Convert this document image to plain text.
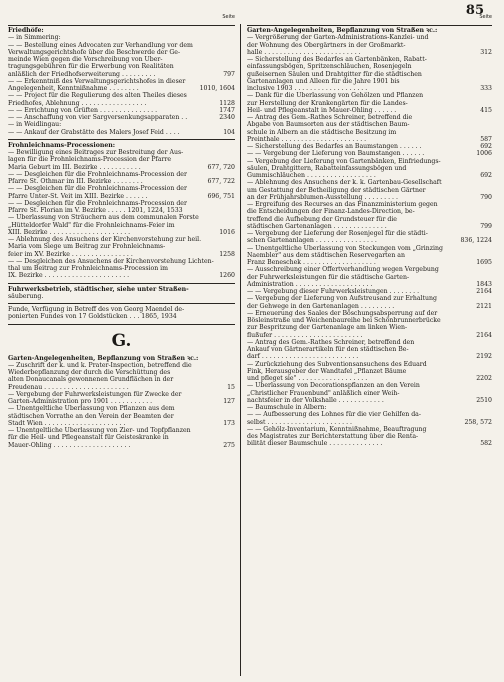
85
Seite
Friedhöfe:
— in Simmering:
— — Bestellung eines Advocaten zur Verhandlung vor dem
Verwaltungsgerichtshofe über die Beschwerde der Ge-
meinde Wien gegen die Vorschreibung von Über-
tragungsgebühren für die Erwerbung von Realitäten
anläßlich der Friedhofserweiterung . . . . . . . . .	797
— — Erkenntniß des Verwaltungsgerichtshofes in dieser
Angelegenheit, Kenntnißnahme . . . . . . . .	1010, 1604
— — Project für die Regulierung des alten Theiles dieses
Friedhofes, Ablehnung . . . . . . . . . . . . . . . . .	1128
— — Errichtung von Grüften . . . . . . . . . . . . . . .	1747
— — Anschaffung von vier Sargversenkungsapparaten . .	2340
— in Weidlingau:
— — Ankauf der Grabstätte des Malers Josef Feid . . . .	104
Frohnleichnams-Processionen:
— Bewilligung eines Beitrages zur Bestreitung der Aus-
lagen für die Frohnleichnams-Procession der Pfarre
Maria Geburt im III. Bezirke . . . . . . . . . . .	677, 720
— — Desgleichen für die Frohnleichnams-Procession der
Pfarre St. Othmar im III. Bezirke . . . . . . . .	677, 722
— — Desgleichen für die Frohnleichnams-Procession der
Pfarre Unter-St. Veit im XIII. Bezirke . . . . . .	696, 751
— — Desgleichen für die Frohnleichnams-Procession der
Pfarre St. Florian im V. Bezirke . . . . . 1201, 1224, 1533
— Überlassung von Sträuchern aus dem communalen Forste
„Hütteldorfer Wald" für die Frohnleichnams-Feier im
XIII. Bezirke . . . . . . . . . . . . . . . . . . . . .	1016
— Ablehnung des Ansuchens der Kirchenvorstehung zur heil.
Maria vom Siege um Beitrag zur Frohnleichnams-
feier im XV. Bezirke . . . . . . . . . . . . . . . .	1258
— — Desgleichen des Ansuchens der Kirchenvorstehung Lichten-
thal um Beitrag zur Frohnleichnams-Procession im
IX. Bezirke . . . . . . . . . . . . . . . . . . . . . .	1260
Fuhrwerksbetrieb, städtischer, siehe unter Straßen-
säuberung.
Funde, Verfügung in Betreff des von Georg Maendel de-
ponierten Fundes von 17 Goldstücken . . . 1865, 1934
G.
Garten-Angelegenheiten, Bepflanzung von Straßen ꝛc.:
— Zuschrift der k. und k. Prater-Inspection, betreffend die
Wiederbepflanzung der durch die Verschüttung des
alten Donaucanals gewonnenen Grundflächen in der
Freudenau . . . . . . . . . . . . . . . . . . . . . .	15
— Vergebung der Fuhrwerksleistungen für Zwecke der
Garten-Administration pro 1901 . . . . . . . . . . .	127
— Unentgeltliche Überlassung von Pflanzen aus dem
städtischen Vorrathe an den Verein der Beamten der
Stadt Wien . . . . . . . . . . . . . . . . . . . . .	173
— Unentgeltliche Überlassung von Zier- und Topfpflanzen
für die Heil- und Pflegeanstalt für Geisteskranke in
Mauer-Öhling . . . . . . . . . . . . . . . . . . . .	275
Seite
Garten-Angelegenheiten, Bepflanzung von Straßen ꝛc.:
— Vergrößerung der Garten-Administrations-Kanzlei- und
der Wohnung des Obergärtners in der Großmarkt-
halle . . . . . . . . . . . . . . . . . . . . . . . . .	312
— Sicherstellung des Bedarfes an Gartenbänken, Rabatt-
einfassungsbögen, Spritzenschläuchen, Rosenjegeln
gußeisernen Säulen und Drahtgitter für die städtischen
Gartenanlagen und Alleen für die Jahre 1901 bis
inclusive 1903 . . . . . . . . . . . . . . . . . . .	333
— Dank für die Überlassung von Gehölzen und Pflanzen
zur Herstellung der Krankengärten für die Landes-
Heil- und Pflegeanstalt in Mauer-Öhling . . . . . .	415
— Antrag des Gem.-Rathes Schreiner, betreffend die
Abgabe von Baumsorten aus der städtischen Baum-
schule in Albern an die städtische Besitzung im
Preinthale . . . . . . . . . . . . . . . . . . . . . .	587
— Sicherstellung des Bedarfes an Baumstangen . . . . . .	692
— — Vergebung der Lieferung von Baumstangen . . . . . .	1006
— Vergebung der Lieferung von Gartenbänken, Einfriedungs-
säulen, Drahtgittern, Rabatteinfassungsbögen und
Gummischläuchen . . . . . . . . . . . . . . . . . .	692
— Ablehnung des Ansuchens der k. k. Gartenbau-Gesellschaft
um Gestattung der Betheiligung der städtischen Gärtner
an der Frühjahrsblumen-Ausstellung . . . . . . . . .	790
— Ergreifung des Recurses an das Finanzministerium gegen
die Entscheidungen der Finanz-Landes-Direction, be-
treffend die Aufhebung der Grundsteuer für die
städtischen Gartenanlagen . . . . . . . . . . . . . .	799
— Vergebung der Lieferung der Rosenjegel für die städti-
schen Gartenanlagen . . . . . . . . . . . . . . . .	836, 1224
— Unentgeltliche Überlassung von Steckungen vom „Grinzing
Naembler" aus dem städtischen Reservegarten an
Franz Beneschek . . . . . . . . . . . . . . . . . . .	1695
— Ausschreibung einer Offertverhandlung wegen Vergebung
der Fuhrwerksleistungen für die städtische Garten-
Administration . . . . . . . . . . . . . . . . . . . .	1843
— — Vergebung dieser Fuhrwerksleistungen . . . . . . . .	2164
— Vergebung der Lieferung von Aufstreusand zur Erhaltung
der Gehwege in den Gartenanlagen . . . . . . . . .	2121
— Erneuerung des Saales der Böschungsabsperrung auf der
Bösleinstraße und Weichenbaureihe bei Schönbrunnerbrücke
zur Bespritzung der Gartenanlage am linken Wien-
flußufer . . . . . . . . . . . . . . . . . . . . . . .	2164
— Antrag des Gem.-Rathes Schreiner, betreffend den
Ankauf von Gärtnerartikeln für den städtischen Be-
darf . . . . . . . . . . . . . . . . . . . . . . . . .	2192
— Zurückziehung des Subventionsansuchens des Eduard
Fink, Herausgeber der Wandtafel „Pflanzet Bäume
und pfleget sie" . . . . . . . . . . . . . . . . . .	2202
— Überlassung von Decorationspflanzen an den Verein
„Christlicher Frauenbund" anläßlich einer Weih-
nachtsfeier in der Volkshalle . . . . . . . . . . . .	2510
— Baumschule in Albern:
— — Aufbesserung des Lohnes für die vier Gehilfen da-
selbst . . . . . . . . . . . . . . . . . . . . . .	258, 572
— — Gehölz-Inventarium, Kenntnißnahme, Beauftragung
des Magistrates zur Berichterstattung über die Renta-
bilität dieser Baumschule . . . . . . . . . . . . . .	582
